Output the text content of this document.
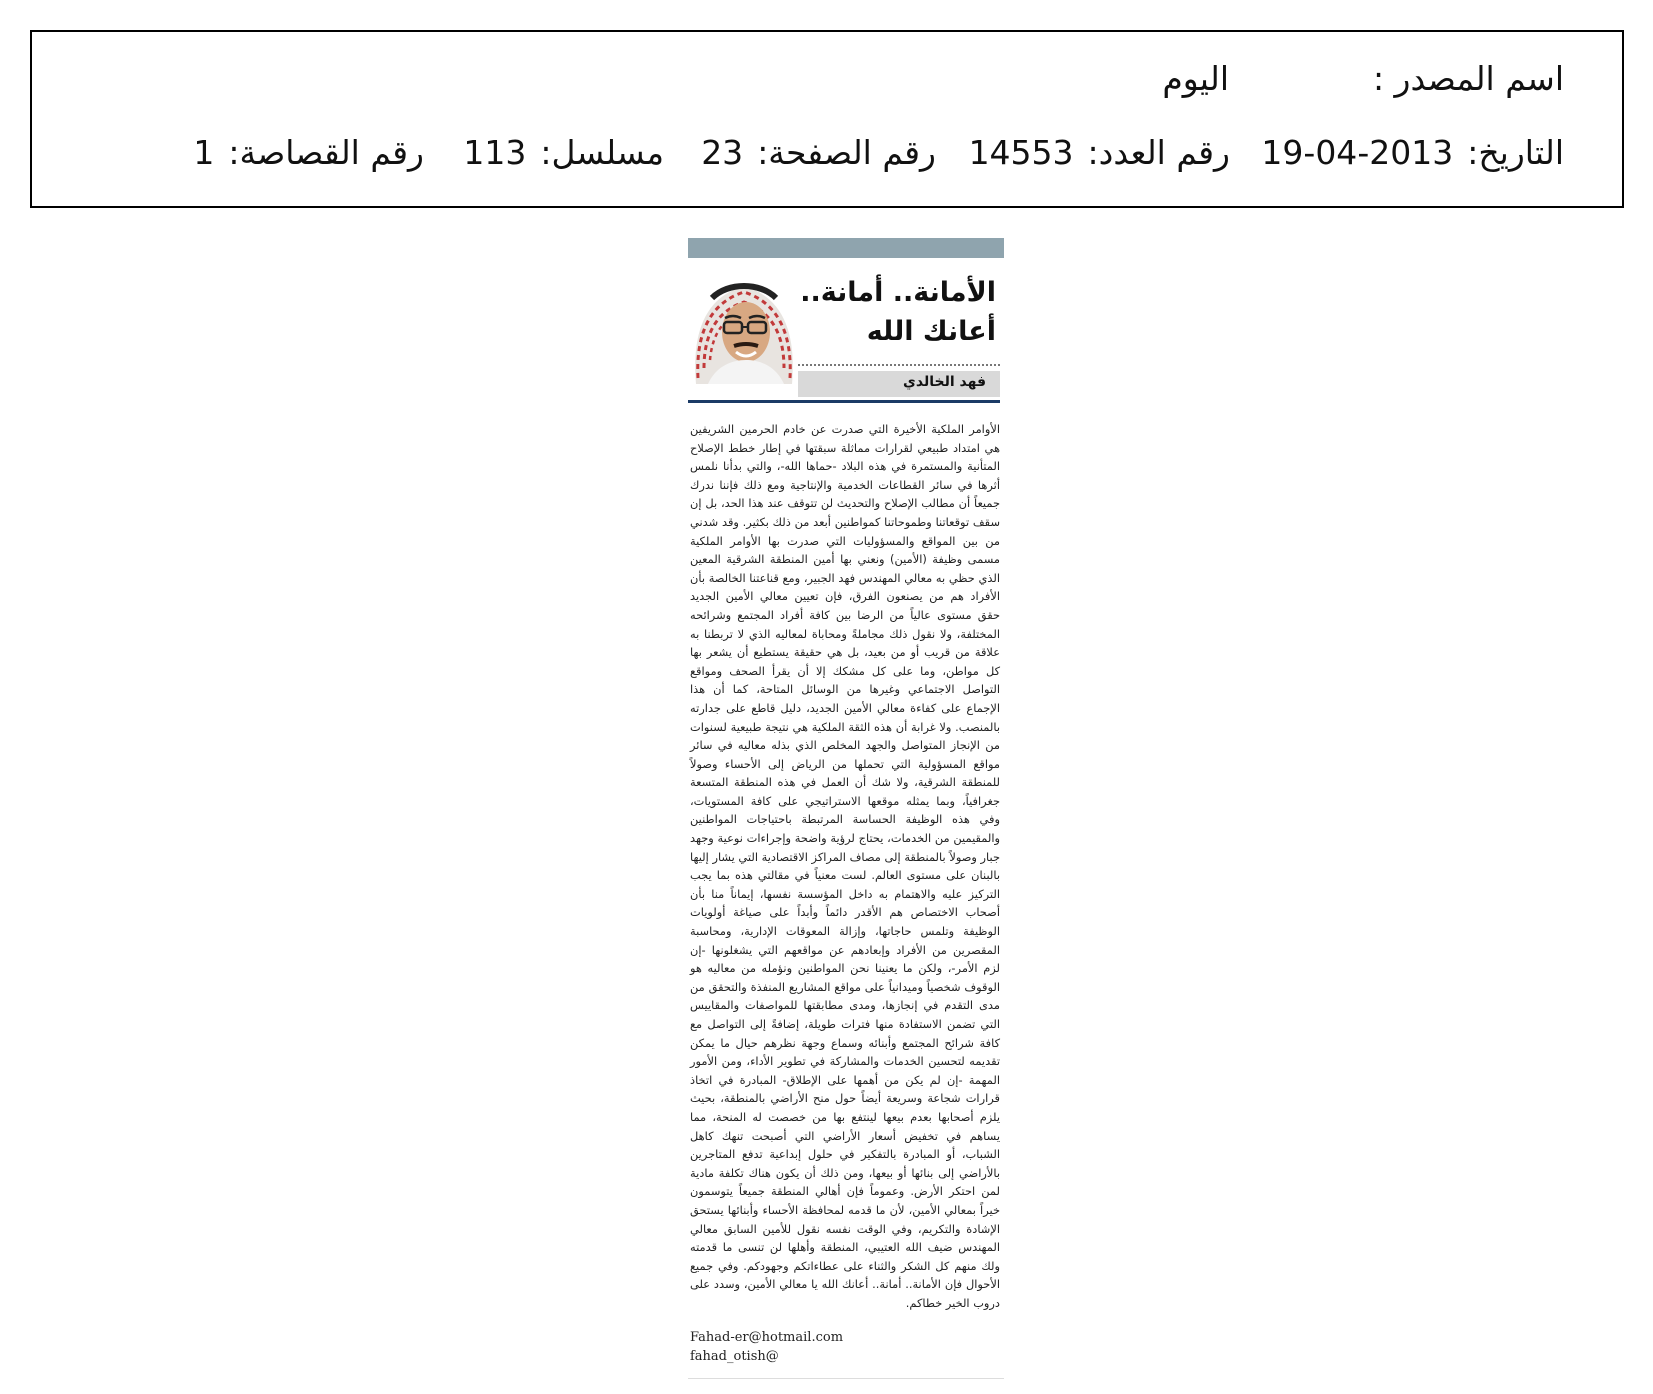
اسم المصدر :
اليوم
التاريخ:2013-04-19
رقم العدد:14553
رقم الصفحة:23
مسلسل:113
رقم القصاصة:1
الأمانة.. أمانة..
أعانك الله
فهد الخالدي
الأوامر الملكية الأخيرة التي صدرت عن خادم الحرمين الشريفين هي امتداد طبيعي لقرارات مماثلة سبقتها في إطار خطط الإصلاح المتأنية والمستمرة في هذه البلاد -حماها الله-، والتي بدأنا نلمس أثرها في سائر القطاعات الخدمية والإنتاجية ومع ذلك فإننا ندرك جميعاً أن مطالب الإصلاح والتحديث لن تتوقف عند هذا الحد، بل إن سقف توقعاتنا وطموحاتنا كمواطنين أبعد من ذلك بكثير. وقد شدني من بين المواقع والمسؤوليات التي صدرت بها الأوامر الملكية مسمى وظيفة (الأمين) ونعني بها أمين المنطقة الشرقية المعين الذي حظي به معالي المهندس فهد الجبير، ومع قناعتنا الخالصة بأن الأفراد هم من يصنعون الفرق، فإن تعيين معالي الأمين الجديد حقق مستوى عالياً من الرضا بين كافة أفراد المجتمع وشرائحه المختلفة، ولا نقول ذلك مجاملةً ومحاباة لمعاليه الذي لا تربطنا به علاقة من قريب أو من بعيد، بل هي حقيقة يستطيع أن يشعر بها كل مواطن، وما على كل مشكك إلا أن يقرأ الصحف ومواقع التواصل الاجتماعي وغيرها من الوسائل المتاحة، كما أن هذا الإجماع على كفاءة معالي الأمين الجديد، دليل قاطع على جدارته بالمنصب. ولا غرابة أن هذه الثقة الملكية هي نتيجة طبيعية لسنوات من الإنجاز المتواصل والجهد المخلص الذي بذله معاليه في سائر مواقع المسؤولية التي تحملها من الرياض إلى الأحساء وصولاً للمنطقة الشرقية، ولا شك أن العمل في هذه المنطقة المتسعة جغرافياً، وبما يمثله موقعها الاستراتيجي على كافة المستويات، وفي هذه الوظيفة الحساسة المرتبطة باحتياجات المواطنين والمقيمين من الخدمات، يحتاج لرؤية واضحة وإجراءات نوعية وجهد جبار وصولاً بالمنطقة إلى مصاف المراكز الاقتصادية التي يشار إليها بالبنان على مستوى العالم. لست معنياً في مقالتي هذه بما يجب التركيز عليه والاهتمام به داخل المؤسسة نفسها، إيماناً منا بأن أصحاب الاختصاص هم الأقدر دائماً وأبداً على صياغة أولويات الوظيفة وتلمس حاجاتها، وإزالة المعوقات الإدارية، ومحاسبة المقصرين من الأفراد وإبعادهم عن مواقعهم التي يشغلونها -إن لزم الأمر-، ولكن ما يعنينا نحن المواطنين ونؤمله من معاليه هو الوقوف شخصياً وميدانياً على مواقع المشاريع المنفذة والتحقق من مدى التقدم في إنجازها، ومدى مطابقتها للمواصفات والمقاييس التي تضمن الاستفادة منها فترات طويلة، إضافةً إلى التواصل مع كافة شرائح المجتمع وأبنائه وسماع وجهة نظرهم حيال ما يمكن تقديمه لتحسين الخدمات والمشاركة في تطوير الأداء، ومن الأمور المهمة -إن لم يكن من أهمها على الإطلاق- المبادرة في اتخاذ قرارات شجاعة وسريعة أيضاً حول منح الأراضي بالمنطقة، بحيث يلزم أصحابها بعدم بيعها لينتفع بها من خصصت له المنحة، مما يساهم في تخفيض أسعار الأراضي التي أصبحت تنهك كاهل الشباب، أو المبادرة بالتفكير في حلول إبداعية تدفع المتاجرين بالأراضي إلى بنائها أو بيعها، ومن ذلك أن يكون هناك تكلفة مادية لمن احتكر الأرض. وعموماً فإن أهالي المنطقة جميعاً يتوسمون خيراً بمعالي الأمين، لأن ما قدمه لمحافظة الأحساء وأبنائها يستحق الإشادة والتكريم، وفي الوقت نفسه نقول للأمين السابق معالي المهندس ضيف الله العتيبي، المنطقة وأهلها لن تنسى ما قدمته ولك منهم كل الشكر والثناء على عطاءاتكم وجهودكم. وفي جميع الأحوال فإن الأمانة.. أمانة.. أعانك الله يا معالي الأمين، وسدد على دروب الخير خطاكم.
Fahad-er@hotmail.com
fahad_otish@
